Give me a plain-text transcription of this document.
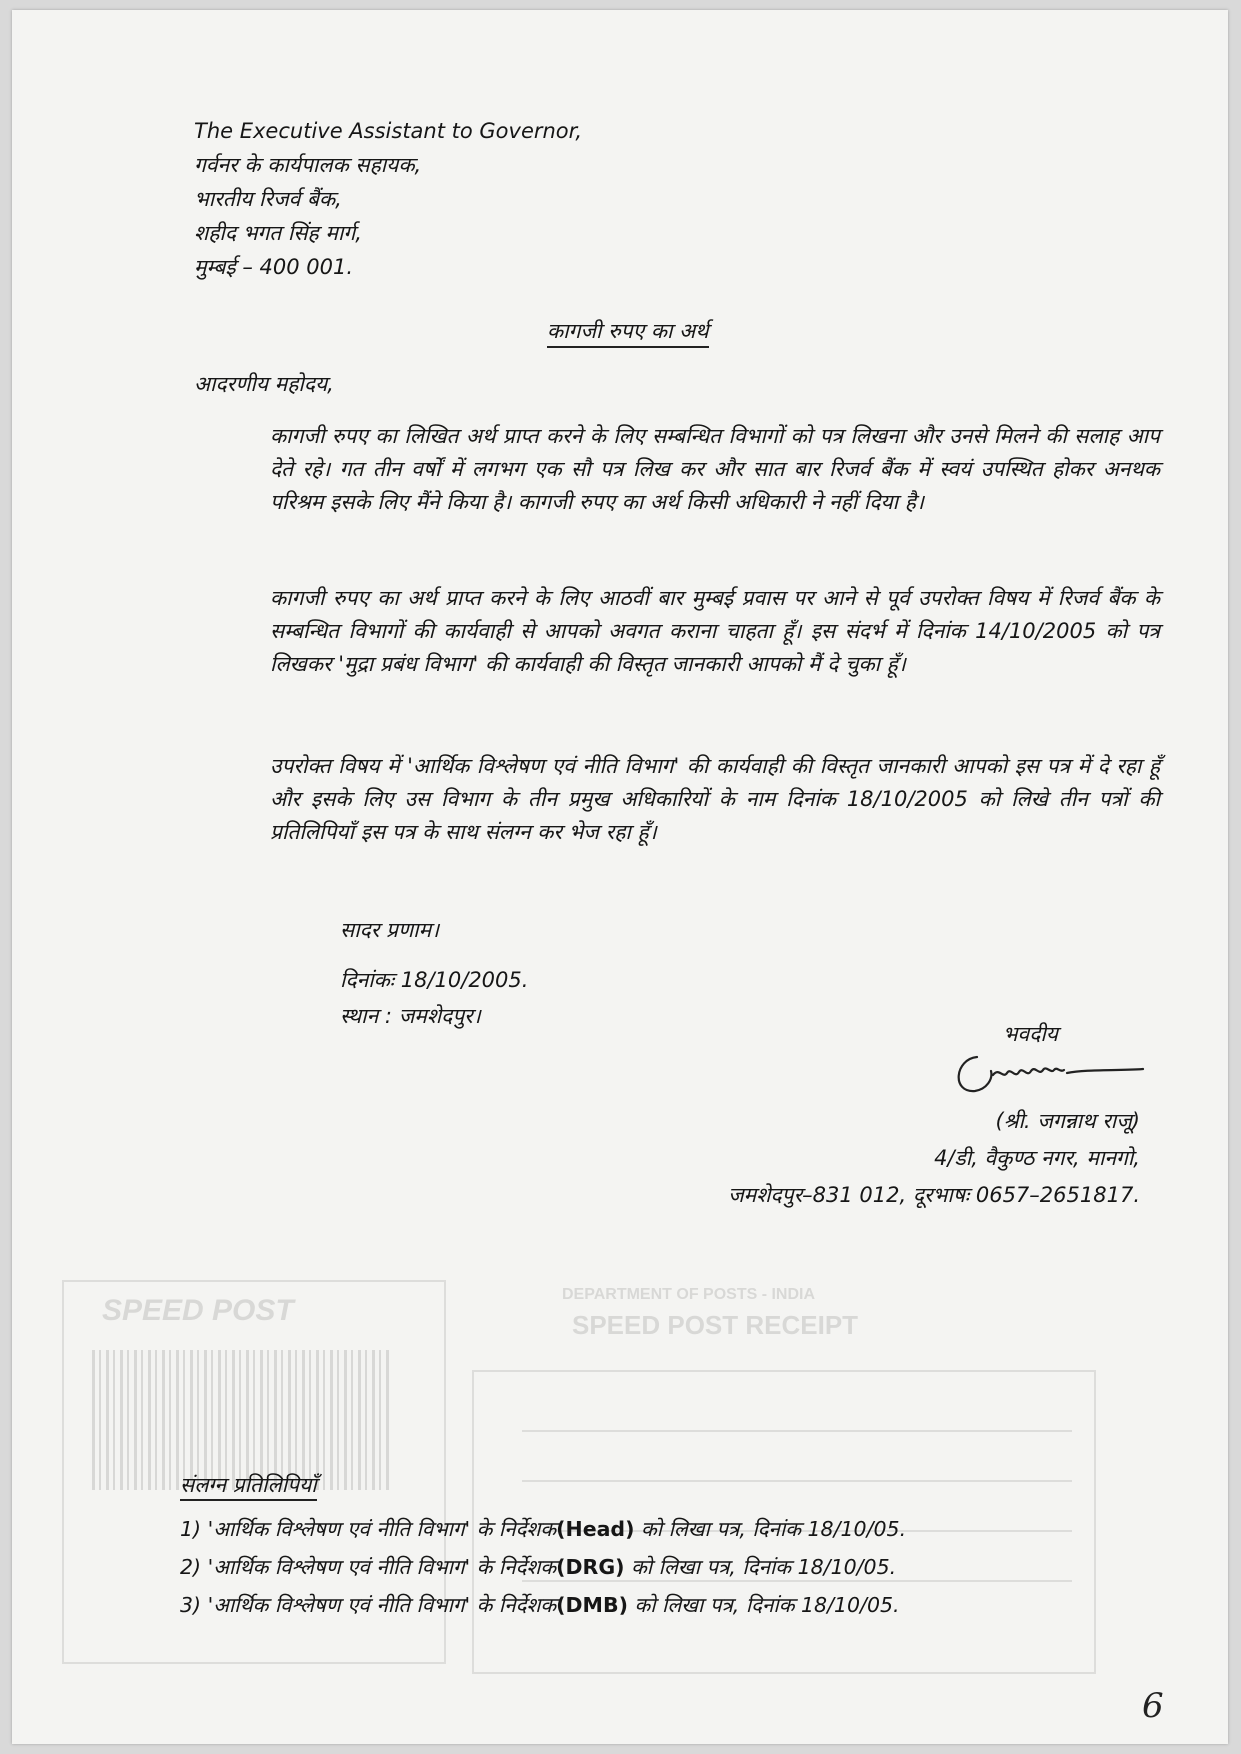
SPEED POST	DEPARTMENT OF POSTS - INDIA
SPEED POST RECEIPT
The Executive Assistant to Governor,
गर्वनर के कार्यपालक सहायक,
भारतीय रिजर्व बैंक,
शहीद भगत सिंह मार्ग,
मुम्बई – 400 001.
कागजी रुपए का अर्थ
आदरणीय महोदय,
कागजी रुपए का लिखित अर्थ प्राप्त करने के लिए सम्बन्धित विभागों को पत्र लिखना और उनसे मिलने की सलाह आप देते रहे। गत तीन वर्षों में लगभग एक सौ पत्र लिख कर और सात बार रिजर्व बैंक में स्वयं उपस्थित होकर अनथक परिश्रम इसके लिए मैंने किया है। कागजी रुपए का अर्थ किसी अधिकारी ने नहीं दिया है।
कागजी रुपए का अर्थ प्राप्त करने के लिए आठवीं बार मुम्बई प्रवास पर आने से पूर्व उपरोक्त विषय में रिजर्व बैंक के सम्बन्धित विभागों की कार्यवाही से आपको अवगत कराना चाहता हूँ। इस संदर्भ में दिनांक 14/10/2005 को पत्र लिखकर 'मुद्रा प्रबंध विभाग' की कार्यवाही की विस्तृत जानकारी आपको मैं दे चुका हूँ।
उपरोक्त विषय में 'आर्थिक विश्लेषण एवं नीति विभाग' की कार्यवाही की विस्तृत जानकारी आपको इस पत्र में दे रहा हूँ और इसके लिए उस विभाग के तीन प्रमुख अधिकारियों के नाम दिनांक 18/10/2005 को लिखे तीन पत्रों की प्रतिलिपियाँ इस पत्र के साथ संलग्न कर भेज रहा हूँ।
सादर प्रणाम।
दिनांकः 18/10/2005.
स्थान : जमशेदपुर।
भवदीय
(श्री. जगन्नाथ राजू)
4/डी, वैकुण्ठ नगर, मानगो,
जमशेदपुर–831 012, दूरभाषः 0657–2651817.
संलग्न प्रतिलिपियाँ
1) 'आर्थिक विश्लेषण एवं नीति विभाग' के निर्देशक(Head) को लिखा पत्र, दिनांक 18/10/05.
2) 'आर्थिक विश्लेषण एवं नीति विभाग' के निर्देशक(DRG) को लिखा पत्र, दिनांक 18/10/05.
3) 'आर्थिक विश्लेषण एवं नीति विभाग' के निर्देशक(DMB) को लिखा पत्र, दिनांक 18/10/05.
6
